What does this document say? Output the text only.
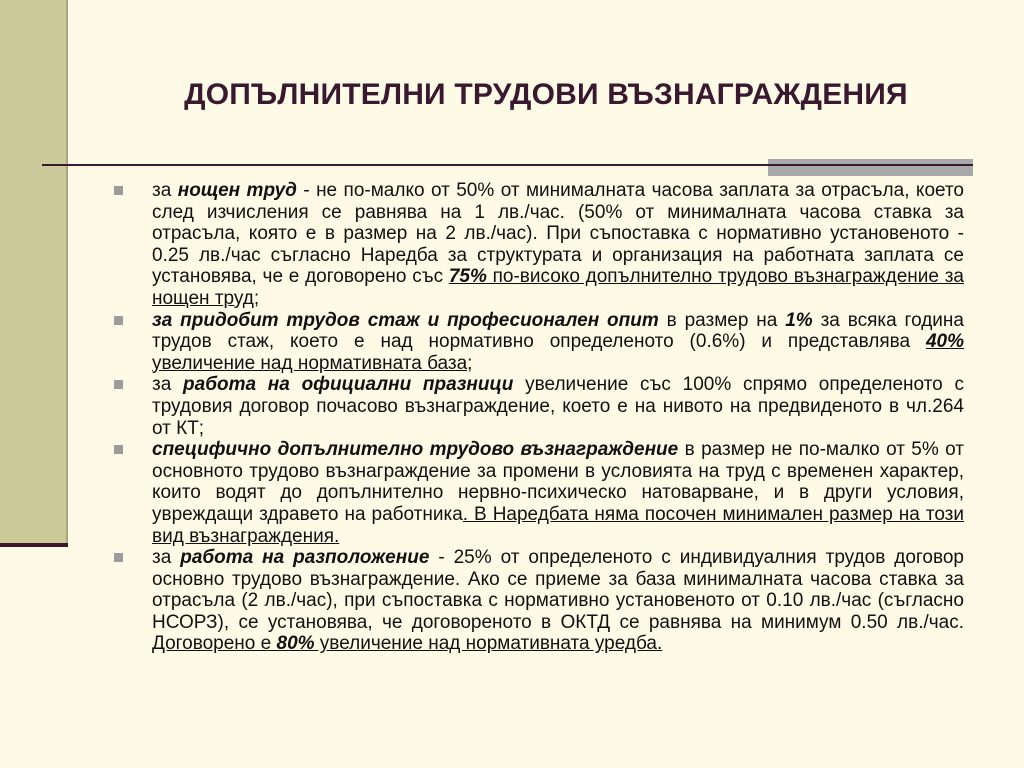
ДОПЪЛНИТЕЛНИ ТРУДОВИ ВЪЗНАГРАЖДЕНИЯ

за нощен труд - не по-малко от 50% от минималната часова заплата за отрасъла, което след изчисления се равнява на 1 лв./час. (50% от минималната часова ставка за отрасъла, която е в размер на 2 лв./час). При съпоставка с нормативно установеното - 0.25 лв./час съгласно Наредба за структурата и организация на работната заплата се установява, че е договорено със 75% по-високо допълнително трудово възнаграждение за нощен труд;

за придобит трудов стаж и професионален опит в размер на 1% за всяка година трудов стаж, което е над нормативно определеното (0.6%) и представлява 40% увеличение над нормативната база;

за работа на официални празници увеличение със 100% спрямо определеното с трудовия договор почасово възнаграждение, което е на нивото на предвиденото в чл.264 от КТ;

специфично допълнително трудово възнаграждение в размер не по-малко от 5% от основното трудово възнаграждение за промени в условията на труд с временен характер, които водят до допълнително нервно-психическо натоварване, и в други условия, увреждащи здравето на работника. В Наредбата няма посочен минимален размер на този вид възнаграждения.

за работа на разположение - 25% от определеното с индивидуалния трудов договор основно трудово възнаграждение. Ако се приеме за база минималната часова ставка за отрасъла (2 лв./час), при съпоставка с нормативно установеното от 0.10 лв./час (съгласно НСОРЗ), се установява, че договореното в ОКТД се равнява на минимум 0.50 лв./час. Договорено е 80% увеличение над нормативната уредба.
